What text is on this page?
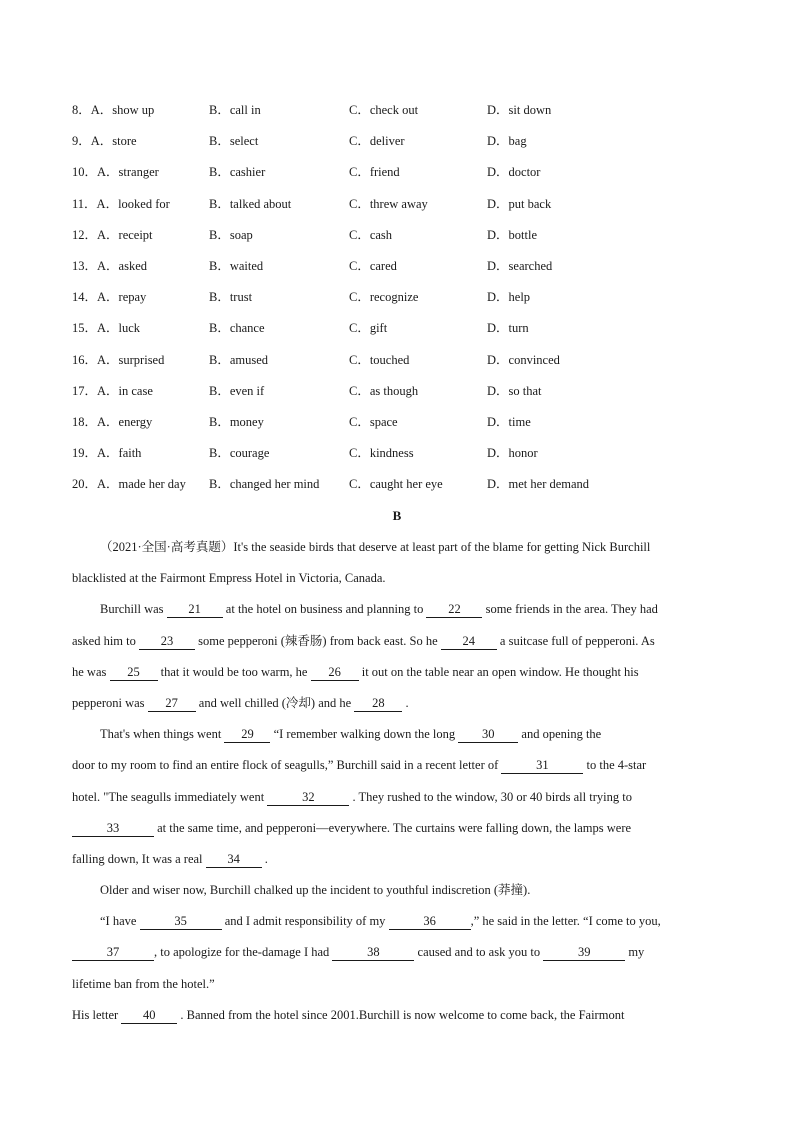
8．A．show up	B．call in	C．check out	D．sit down
9．A．store	B．select	C．deliver	D．bag
10．A．stranger	B．cashier	C．friend	D．doctor
11．A．looked for	B．talked about	C．threw away	D．put back
12．A．receipt	B．soap	C．cash	D．bottle
13．A．asked	B．waited	C．cared	D．searched
14．A．repay	B．trust	C．recognize	D．help
15．A．luck	B．chance	C．gift	D．turn
16．A．surprised	B．amused	C．touched	D．convinced
17．A．in case	B．even if	C．as though	D．so that
18．A．energy	B．money	C．space	D．time
19．A．faith	B．courage	C．kindness	D．honor
20．A．made her day B．changed her mind C．caught her eye	D．met her demand
B
（2021·全国·高考真题）It's the seaside birds that deserve at least part of the blame for getting Nick Burchill
blacklisted at the Fairmont Empress Hotel in Victoria, Canada.
Burchill was 21 at the hotel on business and planning to 22 some friends in the area. They had
asked him to 23 some pepperoni (辣香肠) from back east. So he 24 a suitcase full of pepperoni. As
he was 25 that it would be too warm, he 26 it out on the table near an open window. He thought his
pepperoni was 27 and well chilled (冷却) and he 28 .
That's when things went 29 “I remember walking down the long 30 and opening the
door to my room to find an entire flock of seagulls,” Burchill said in a recent letter of	31	to the 4-star
hotel. "The seagulls immediately went	32	. They rushed to the window, 30 or 40 birds all trying to
33	at the same time, and pepperoni—everywhere. The curtains were falling down, the lamps were
falling down, It was a real 34 .
Older and wiser now, Burchill chalked up the incident to youthful indiscretion (莽撞).
“I have	35	and I admit responsibility of my	36	,” he said in the letter. “I come to you,
37	, to apologize for the-damage I had	38	caused and to ask you to	39	my
lifetime ban from the hotel.”
His letter 40 . Banned from the hotel since 2001.Burchill is now welcome to come back, the Fairmont
